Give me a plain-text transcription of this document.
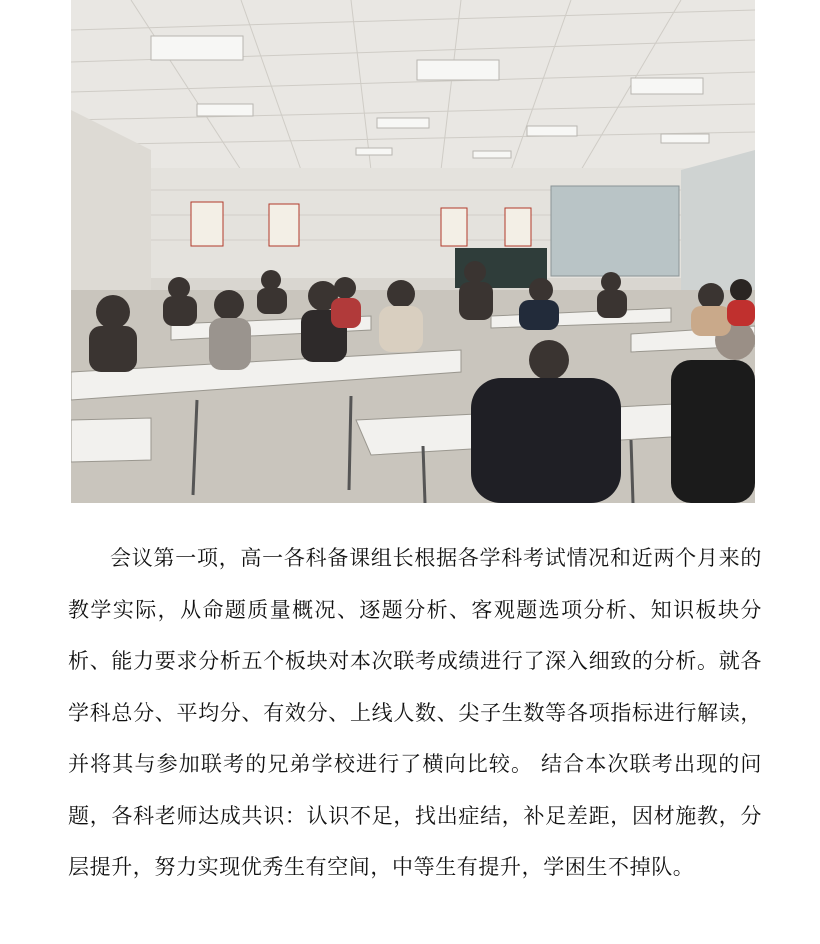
会议第一项，高一各科备课组长根据各学科考试情况和近两个月来的教学实际，从命题质量概况、逐题分析、客观题选项分析、知识板块分析、能力要求分析五个板块对本次联考成绩进行了深入细致的分析。就各学科总分、平均分、有效分、上线人数、尖子生数等各项指标进行解读，并将其与参加联考的兄弟学校进行了横向比较。 结合本次联考出现的问题，各科老师达成共识：认识不足，找出症结，补足差距，因材施教，分层提升，努力实现优秀生有空间，中等生有提升，学困生不掉队。
